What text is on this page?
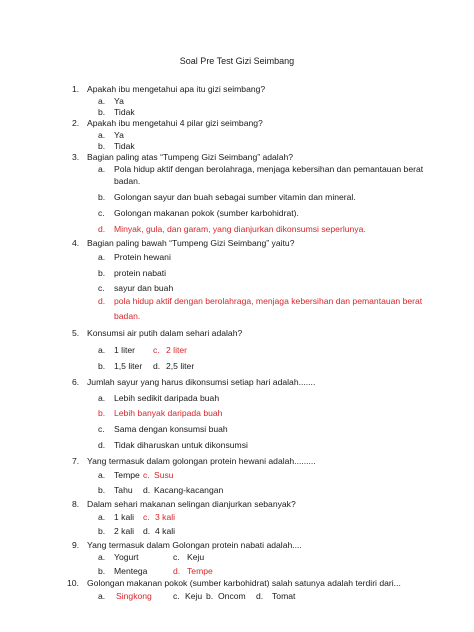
Soal Pre Test Gizi Seimbang
1. Apakah ibu mengetahui apa itu gizi seimbang?
a. Ya
b. Tidak
2. Apakah ibu mengetahui 4 pilar gizi seimbang?
a. Ya
b. Tidak
3. Bagian paling atas “Tumpeng Gizi Seimbang” adalah?
a. Pola hidup aktif dengan berolahraga, menjaga kebersihan dan pemantauan berat
badan.
b. Golongan sayur dan buah sebagai sumber vitamin dan mineral.
c. Golongan makanan pokok (sumber karbohidrat).
d. Minyak, gula, dan garam, yang dianjurkan dikonsumsi seperlunya.
4. Bagian paling bawah “Tumpeng Gizi Seimbang” yaitu?
a. Protein hewani
b. protein nabati
c. sayur dan buah
d. pola hidup aktif dengan berolahraga, menjaga kebersihan dan pemantauan berat
badan.
5. Konsumsi air putih dalam sehari adalah?
a. 1 liter c. 2 liter
b. 1,5 liter d. 2,5 liter
6. Jumlah sayur yang harus dikonsumsi setiap hari adalah.......
a. Lebih sedikit daripada buah
b. Lebih banyak daripada buah
c. Sama dengan konsumsi buah
d. Tidak diharuskan untuk dikonsumsi
7. Yang termasuk dalam golongan protein hewani adalah.........
a. Tempe c. Susu
b. Tahu d. Kacang-kacangan
8. Dalam sehari makanan selingan dianjurkan sebanyak?
a. 1 kali c. 3 kali
b. 2 kali d. 4 kali
9. Yang termasuk dalam Golongan protein nabati adalah....
a. Yogurt	c. Keju
b. Mentega	d. Tempe
10. Golongan makanan pokok (sumber karbohidrat) salah satunya adalah terdiri dari...
a. Singkong c. Keju b. Oncom d. Tomat
